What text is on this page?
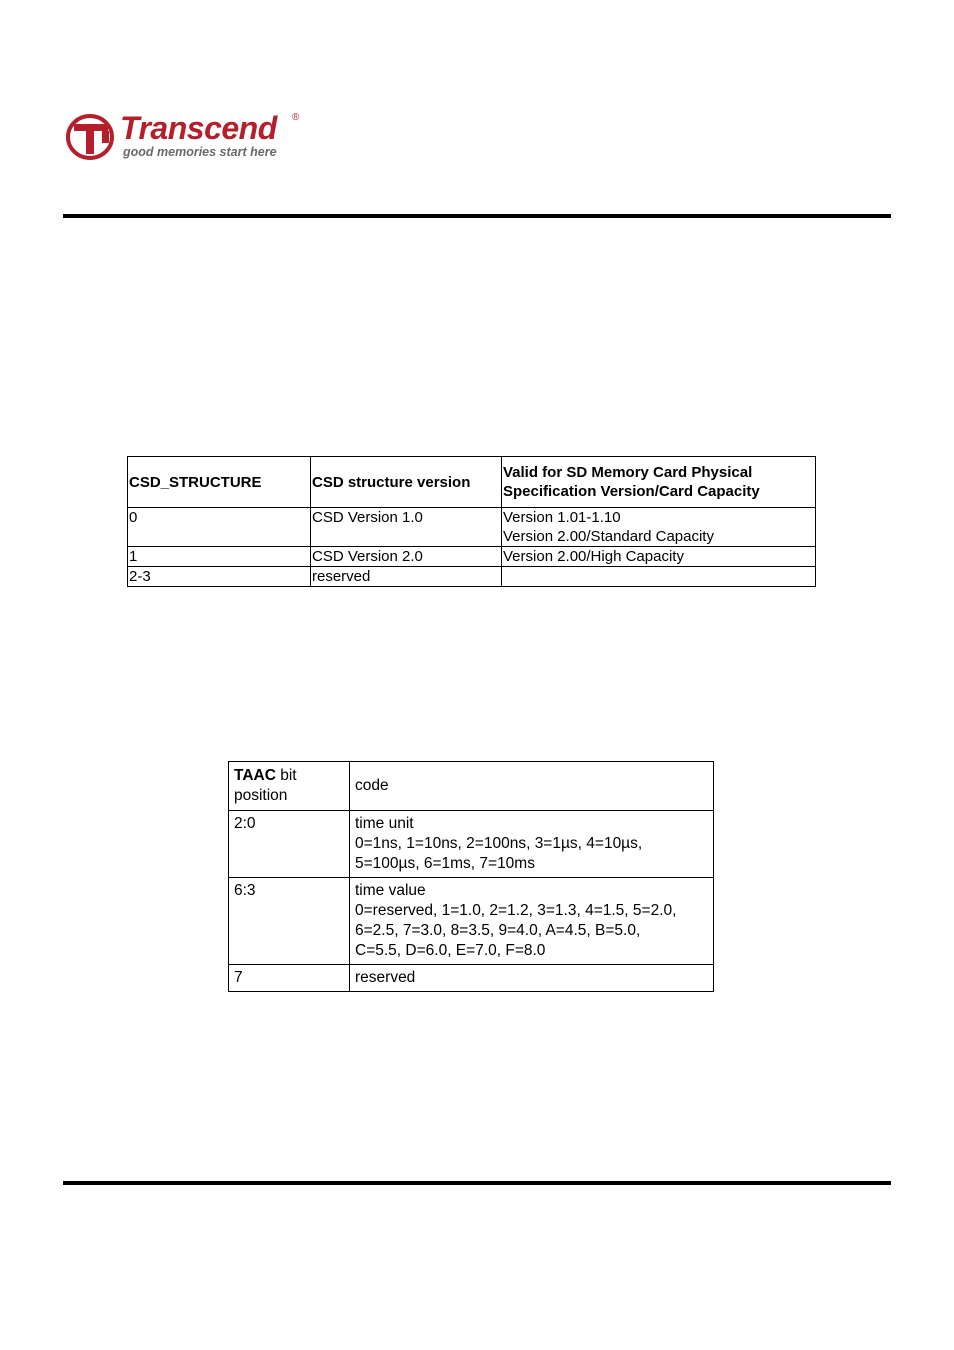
Transcend ®
good memories start here
CSD_STRUCTURE	CSD structure version	Valid for SD Memory Card Physical Specification Version/Card Capacity
0	CSD Version 1.0	Version 1.01-1.10
Version 2.00/Standard Capacity

1	CSD Version 2.0	Version 2.00/High Capacity
2-3	reserved	
TAAC bit position	code
2:0	time unit
0=1ns, 1=10ns, 2=100ns, 3=1µs, 4=10µs,
5=100µs, 6=1ms, 7=10ms

6:3	time value
0=reserved, 1=1.0, 2=1.2, 3=1.3, 4=1.5, 5=2.0,
6=2.5, 7=3.0, 8=3.5, 9=4.0, A=4.5, B=5.0,
C=5.5, D=6.0, E=7.0, F=8.0

7	reserved
